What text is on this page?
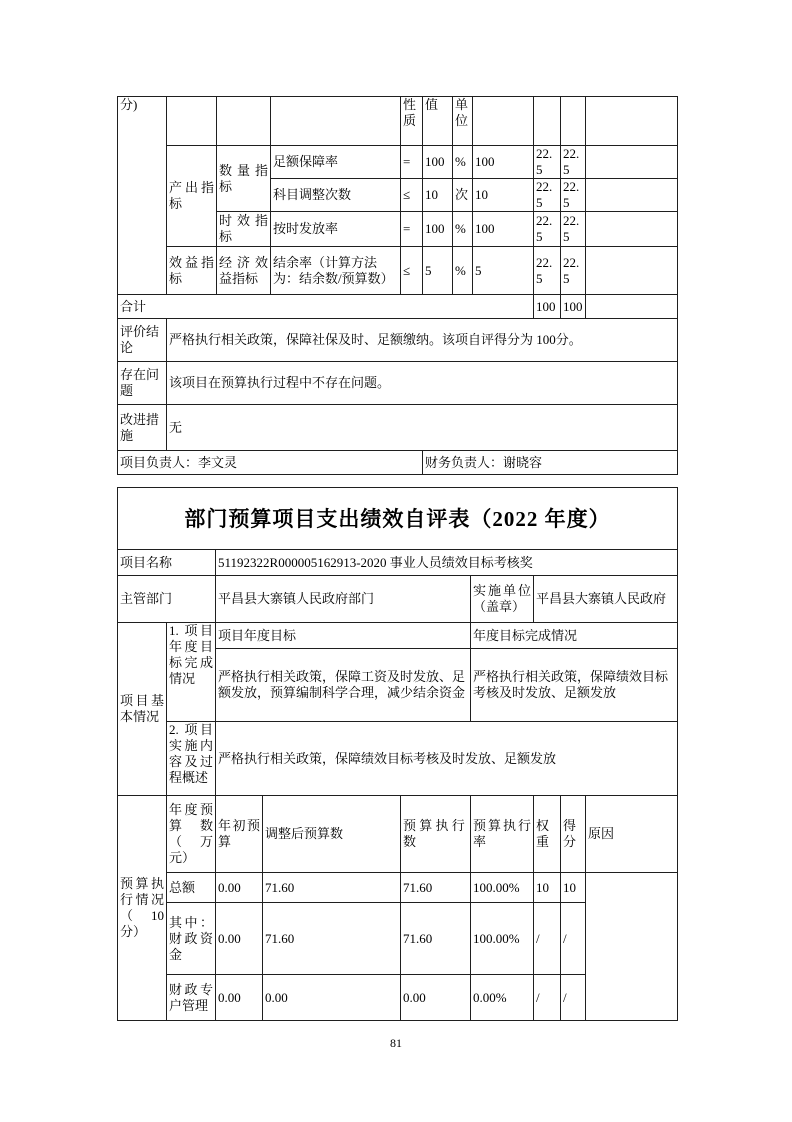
分)				性质	值	单位				
	产出指标	数量指标	足额保障率	=	100	%	100	22.5	22.5	
			科目调整次数	≤	10	次	10	22.5	22.5	
		时效指标	按时发放率	=	100	%	100	22.5	22.5	
	效益指标	经济效益指标	结余率（计算方法为：结余数/预算数）	≤	5	%	5	22.5	22.5	
合计								100	100	
评价结论	严格执行相关政策，保障社保及时、足额缴纳。该项自评得分为 100分。									
存在问题	该项目在预算执行过程中不存在问题。									
改进措施	无									
项目负责人：李文灵					财务负责人：谢晓容					
部门预算项目支出绩效自评表（2022 年度）								
项目名称		51192322R000005162913-2020 事业人员绩效目标考核奖						
主管部门		平昌县大寨镇人民政府部门			实施单位（盖章）	平昌县大寨镇人民政府		
项目基本情况	1. 项目年度目标完成情况	项目年度目标			年度目标完成情况			
		严格执行相关政策，保障工资及时发放、足额发放，预算编制科学合理，减少结余资金			严格执行相关政策，保障绩效目标考核及时发放、足额发放			
	2. 项目实施内容及过程概述	严格执行相关政策，保障绩效目标考核及时发放、足额发放						
预算执行情况（10分）	年度预算数（万元）	年初预算	调整后预算数	预 算 执 行数	预算执行率	权重	得分	原因
	总额	0.00	71.60	71.60	100.00%	10	10	
	其中：财政资金	0.00	71.60	71.60	100.00%	/	/	
	财政专户管理	0.00	0.00	0.00	0.00%	/	/	
81
